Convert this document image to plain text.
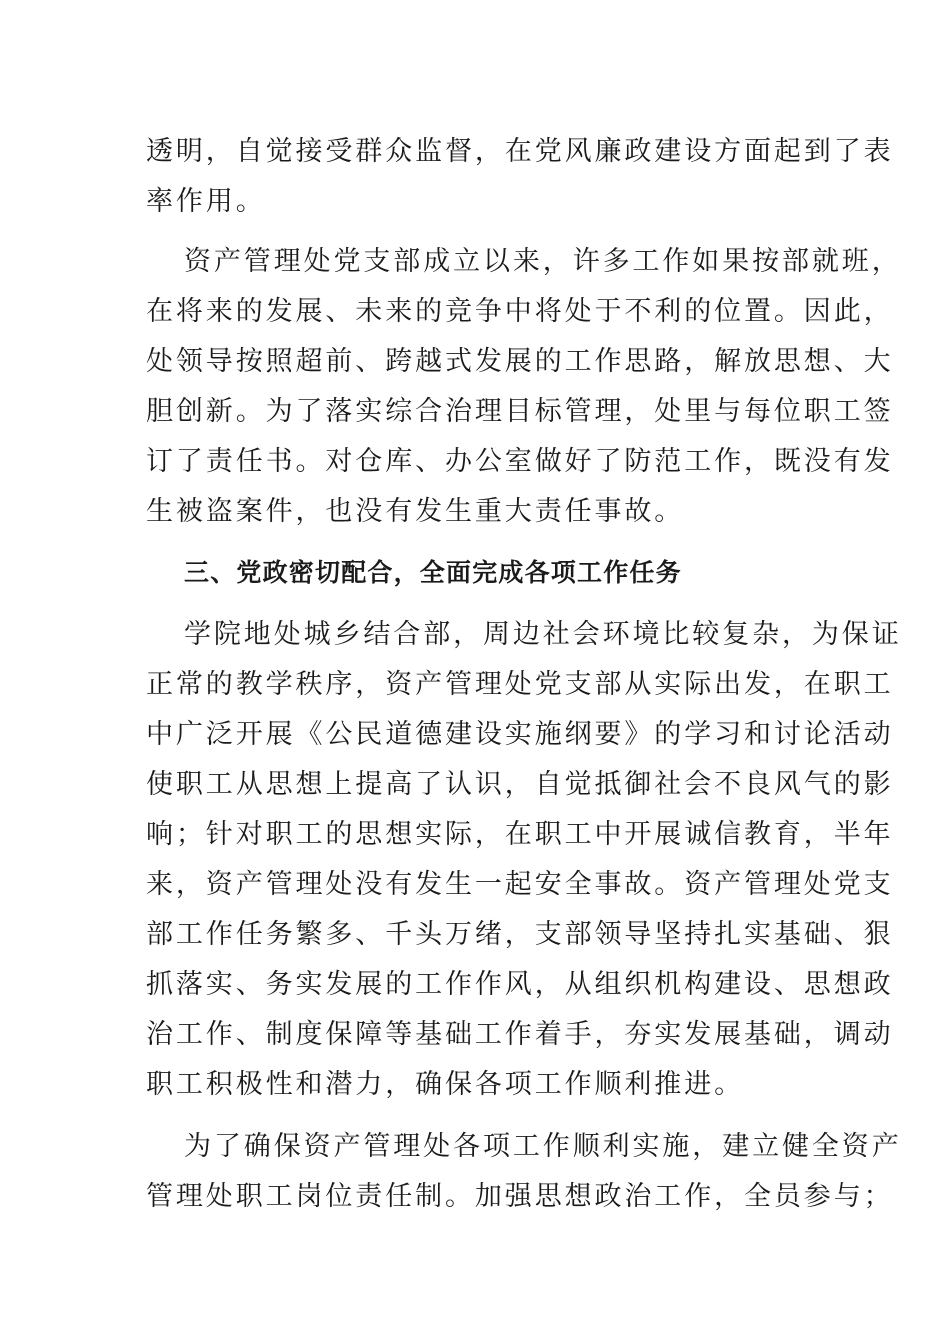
透明，自觉接受群众监督，在党风廉政建设方面起到了表
率作用。
资产管理处党支部成立以来，许多工作如果按部就班，
在将来的发展、未来的竞争中将处于不利的位置。因此，
处领导按照超前、跨越式发展的工作思路，解放思想、大
胆创新。为了落实综合治理目标管理，处里与每位职工签
订了责任书。对仓库、办公室做好了防范工作，既没有发
生被盗案件，也没有发生重大责任事故。
三、党政密切配合，全面完成各项工作任务
学院地处城乡结合部，周边社会环境比较复杂，为保证
正常的教学秩序，资产管理处党支部从实际出发，在职工
中广泛开展《公民道德建设实施纲要》的学习和讨论活动
使职工从思想上提高了认识，自觉抵御社会不良风气的影
响；针对职工的思想实际，在职工中开展诚信教育，半年
来，资产管理处没有发生一起安全事故。资产管理处党支
部工作任务繁多、千头万绪，支部领导坚持扎实基础、狠
抓落实、务实发展的工作作风，从组织机构建设、思想政
治工作、制度保障等基础工作着手，夯实发展基础，调动
职工积极性和潜力，确保各项工作顺利推进。
为了确保资产管理处各项工作顺利实施，建立健全资产
管理处职工岗位责任制。加强思想政治工作，全员参与；
